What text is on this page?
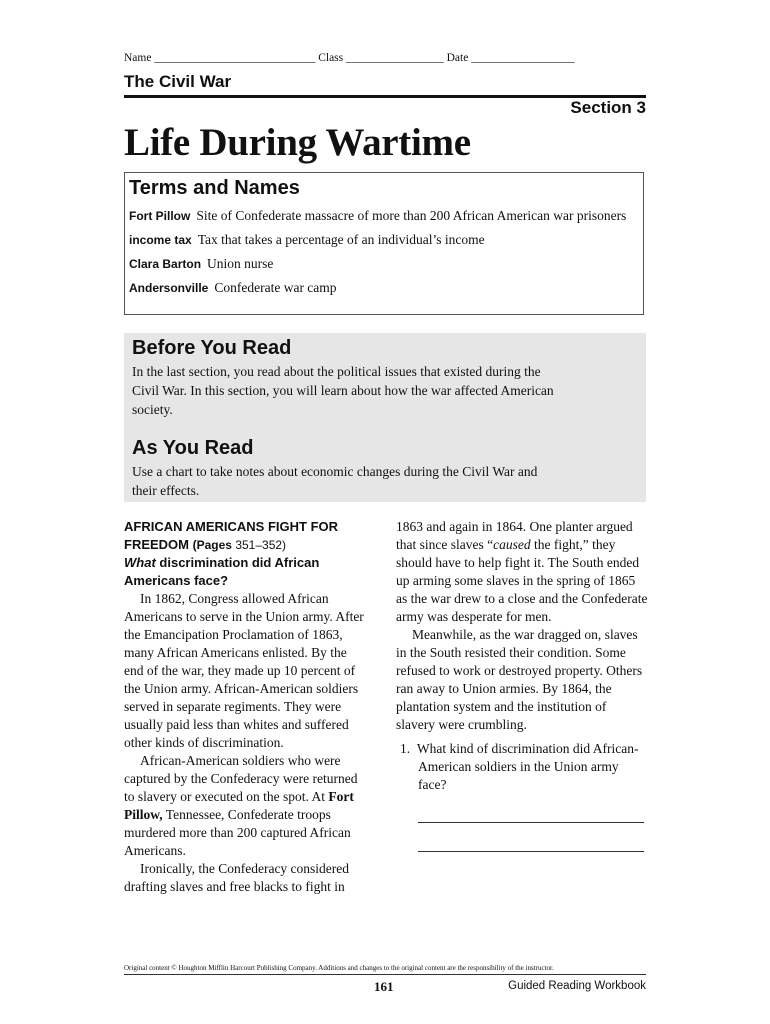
Name ____________________________ Class _________________ Date __________________
The Civil War
Section 3
Life During Wartime
Terms and Names
Fort Pillow Site of Confederate massacre of more than 200 African American war prisoners
income tax Tax that takes a percentage of an individual’s income
Clara Barton Union nurse
Andersonville Confederate war camp
Before You Read

In the last section, you read about the political issues that existed during the Civil War. In this section, you will learn about how the war affected American society.

As You Read

Use a chart to take notes about economic changes during the Civil War and their effects.

AFRICAN AMERICANS FIGHT FOR FREEDOM (Pages 351–352)
What discrimination did African Americans face?

In 1862, Congress allowed African Americans to serve in the Union army. After the Emancipation Proclamation of 1863, many African Americans enlisted. By the end of the war, they made up 10 percent of the Union army. African-American soldiers served in separate regiments. They were usually paid less than whites and suffered other kinds of discrimination.

African-American soldiers who were captured by the Confederacy were returned to slavery or executed on the spot. At Fort Pillow, Tennessee, Confederate troops murdered more than 200 captured African Americans.

Ironically, the Confederacy considered drafting slaves and free blacks to fight in

1863 and again in 1864. One planter argued that since slaves “caused the fight,” they should have to help fight it. The South ended up arming some slaves in the spring of 1865 as the war drew to a close and the Confederate army was desperate for men.

Meanwhile, as the war dragged on, slaves in the South resisted their condition. Some refused to work or destroyed property. Others ran away to Union armies. By 1864, the plantation system and the institution of slavery were crumbling.

1. What kind of discrimination did African-American soldiers in the Union army face?
Original content © Houghton Mifflin Harcourt Publishing Company. Additions and changes to the original content are the responsibility of the instructor.
161	Guided Reading Workbook
